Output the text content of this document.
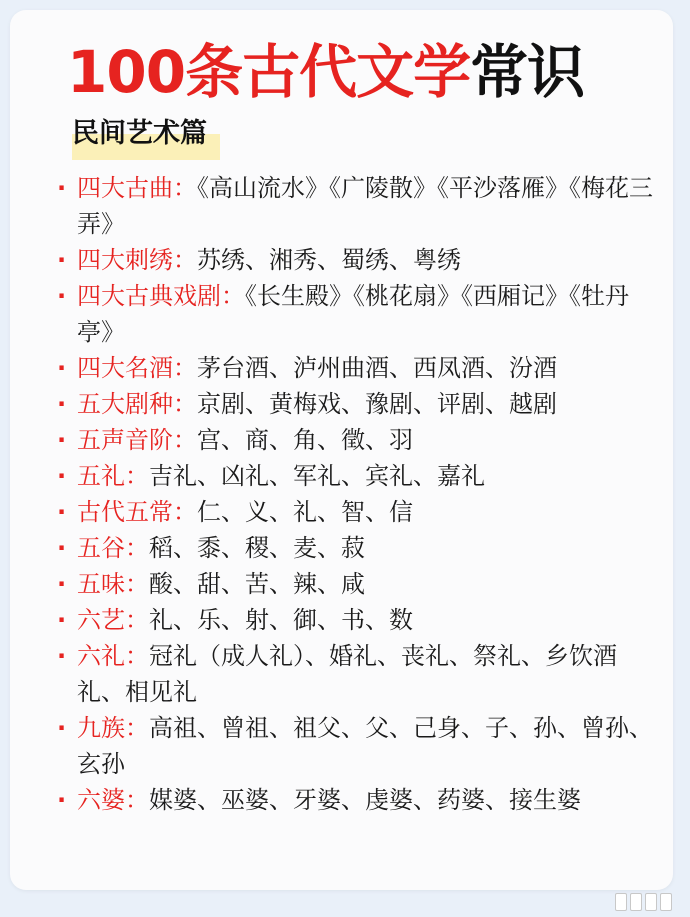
100条古代文学常识
民间艺术篇
· 四大古曲：《高山流水》《广陵散》《平沙落雁》《梅花三弄》
· 四大刺绣：苏绣、湘秀、蜀绣、粤绣
· 四大古典戏剧：《长生殿》《桃花扇》《西厢记》《牡丹亭》
· 四大名酒：茅台酒、泸州曲酒、西凤酒、汾酒
· 五大剧种：京剧、黄梅戏、豫剧、评剧、越剧
· 五声音阶：宫、商、角、徵、羽
· 五礼：吉礼、凶礼、军礼、宾礼、嘉礼
· 古代五常：仁、义、礼、智、信
· 五谷：稻、黍、稷、麦、菽
· 五味：酸、甜、苦、辣、咸
· 六艺：礼、乐、射、御、书、数
· 六礼：冠礼（成人礼）、婚礼、丧礼、祭礼、乡饮酒礼、相见礼
· 九族：高祖、曾祖、祖父、父、己身、子、孙、曾孙、玄孙
· 六婆：媒婆、巫婆、牙婆、虔婆、药婆、接生婆
